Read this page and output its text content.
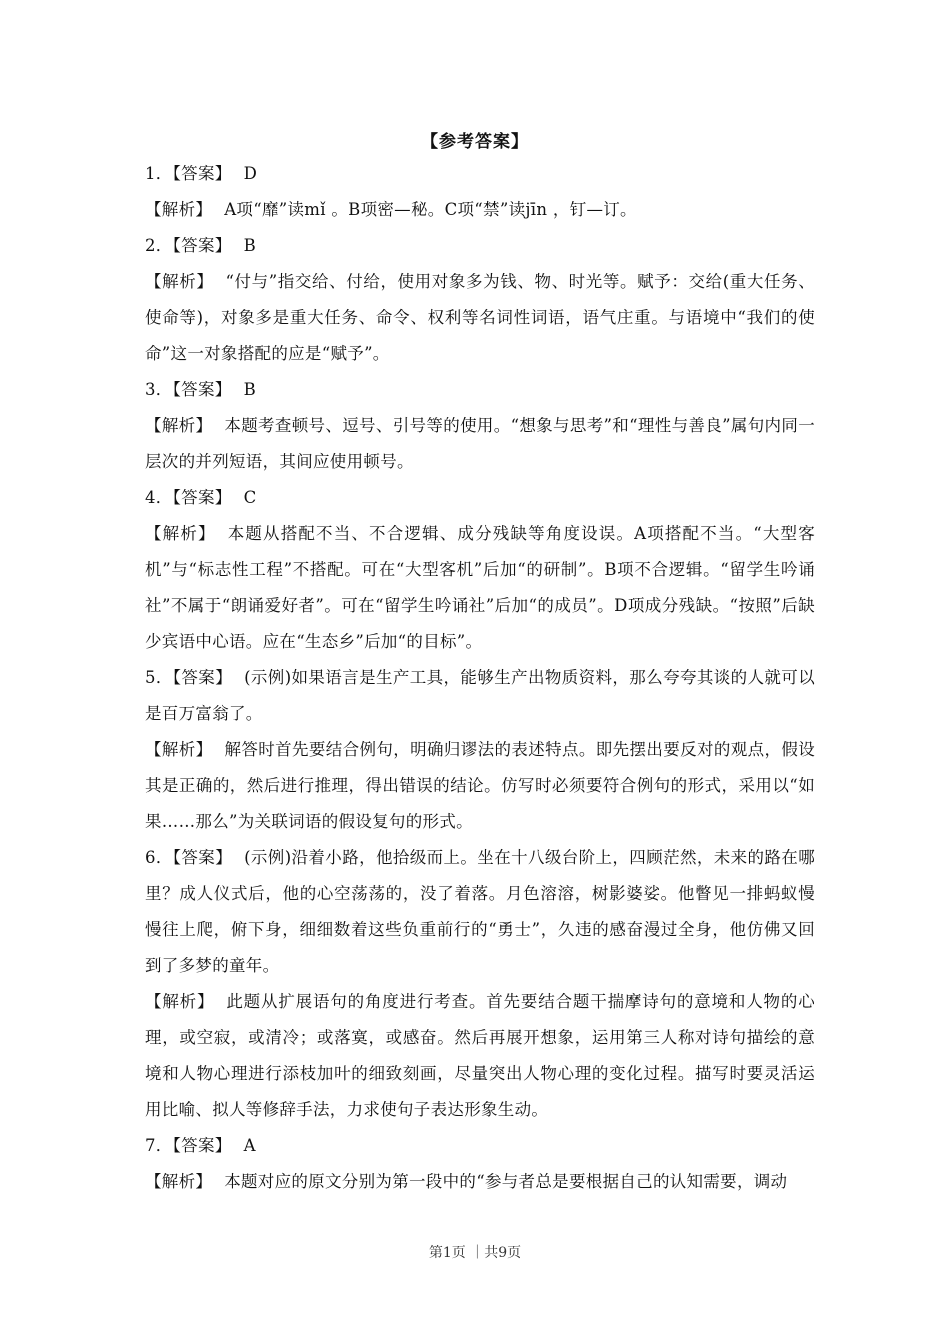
【参考答案】

1．【答案】 D

【解析】 A项“靡”读mǐ 。B项密—秘。C项“禁”读jīn ，钉—订。

2．【答案】 B

【解析】 “付与”指交给、付给，使用对象多为钱、物、时光等。赋予：交给(重大任务、使命等)，对象多是重大任务、命令、权利等名词性词语，语气庄重。与语境中“我们的使命”这一对象搭配的应是“赋予”。

3．【答案】 B

【解析】 本题考查顿号、逗号、引号等的使用。“想象与思考”和“理性与善良”属句内同一层次的并列短语，其间应使用顿号。

4．【答案】 C

【解析】 本题从搭配不当、不合逻辑、成分残缺等角度设误。A项搭配不当。“大型客机”与“标志性工程”不搭配。可在“大型客机”后加“的研制”。B项不合逻辑。“留学生吟诵社”不属于“朗诵爱好者”。可在“留学生吟诵社”后加“的成员”。D项成分残缺。“按照”后缺少宾语中心语。应在“生态乡”后加“的目标”。

5．【答案】 (示例)如果语言是生产工具，能够生产出物质资料，那么夸夸其谈的人就可以是百万富翁了。

【解析】 解答时首先要结合例句，明确归谬法的表述特点。即先摆出要反对的观点，假设其是正确的，然后进行推理，得出错误的结论。仿写时必须要符合例句的形式，采用以“如果……那么”为关联词语的假设复句的形式。

6．【答案】 (示例)沿着小路，他拾级而上。坐在十八级台阶上，四顾茫然，未来的路在哪里？成人仪式后，他的心空荡荡的，没了着落。月色溶溶，树影婆娑。他瞥见一排蚂蚁慢慢往上爬，俯下身，细细数着这些负重前行的“勇士”，久违的感奋漫过全身，他仿佛又回到了多梦的童年。

【解析】 此题从扩展语句的角度进行考查。首先要结合题干揣摩诗句的意境和人物的心理，或空寂，或清冷；或落寞，或感奋。然后再展开想象，运用第三人称对诗句描绘的意境和人物心理进行添枝加叶的细致刻画，尽量突出人物心理的变化过程。描写时要灵活运用比喻、拟人等修辞手法，力求使句子表达形象生动。

7．【答案】 A

【解析】 本题对应的原文分别为第一段中的“参与者总是要根据自己的认知需要，调动

第1页 ｜共9页
